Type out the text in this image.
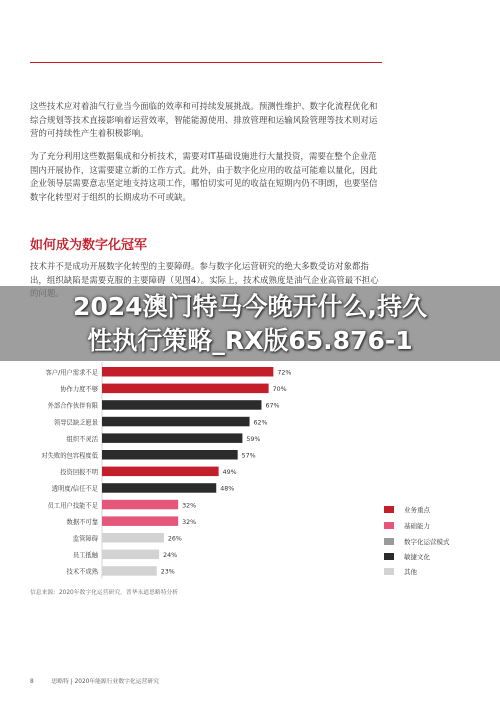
这些技术应对着油气行业当今面临的效率和可持续发展挑战。预测性维护、数字化流程优化和综合规划等技术直接影响着运营效率，智能能源使用、排放管理和运输风险管理等技术则对运营的可持续性产生着积极影响。

为了充分利用这些数据集成和分析技术，需要对IT基础设施进行大量投资，需要在整个企业范围内开展协作，这需要建立新的工作方式。此外，由于数字化应用的收益可能难以量化，因此企业领导层需要意志坚定地支持这项工作，哪怕切实可见的收益在短期内仍不明朗，也要坚信数字化转型对于组织的长期成功不可或缺。

如何成为数字化冠军

技术并不是成功开展数字化转型的主要障碍。参与数字化运营研究的绝大多数受访对象都指出，组织缺陷是需要克服的主要障碍（见图4）。实际上，技术成熟度是油气企业高管最不担心

客户/用户需求不足	72%
协作力度不够	70%
外部合作伙伴有限	67%
领导层缺乏愿景	62%
组织不灵活	59%
对失败的包容程度低	57%
投资回报不明	49%
透明度/信任不足	48%
员工用户技能不足	32%
数据不可靠	32%
监管障碍	26%
员工抵触	24%
技术不成熟	23%
业务重点
基础能力
数字化运营模式
敏捷文化
其他
2024澳门特马今晚开什么,持久
性执行策略_RX版65.876-1

信息来源：2020年数字化运营研究，普华永道思略特分析

8	思略特 | 2020年能源行业数字化运营研究
